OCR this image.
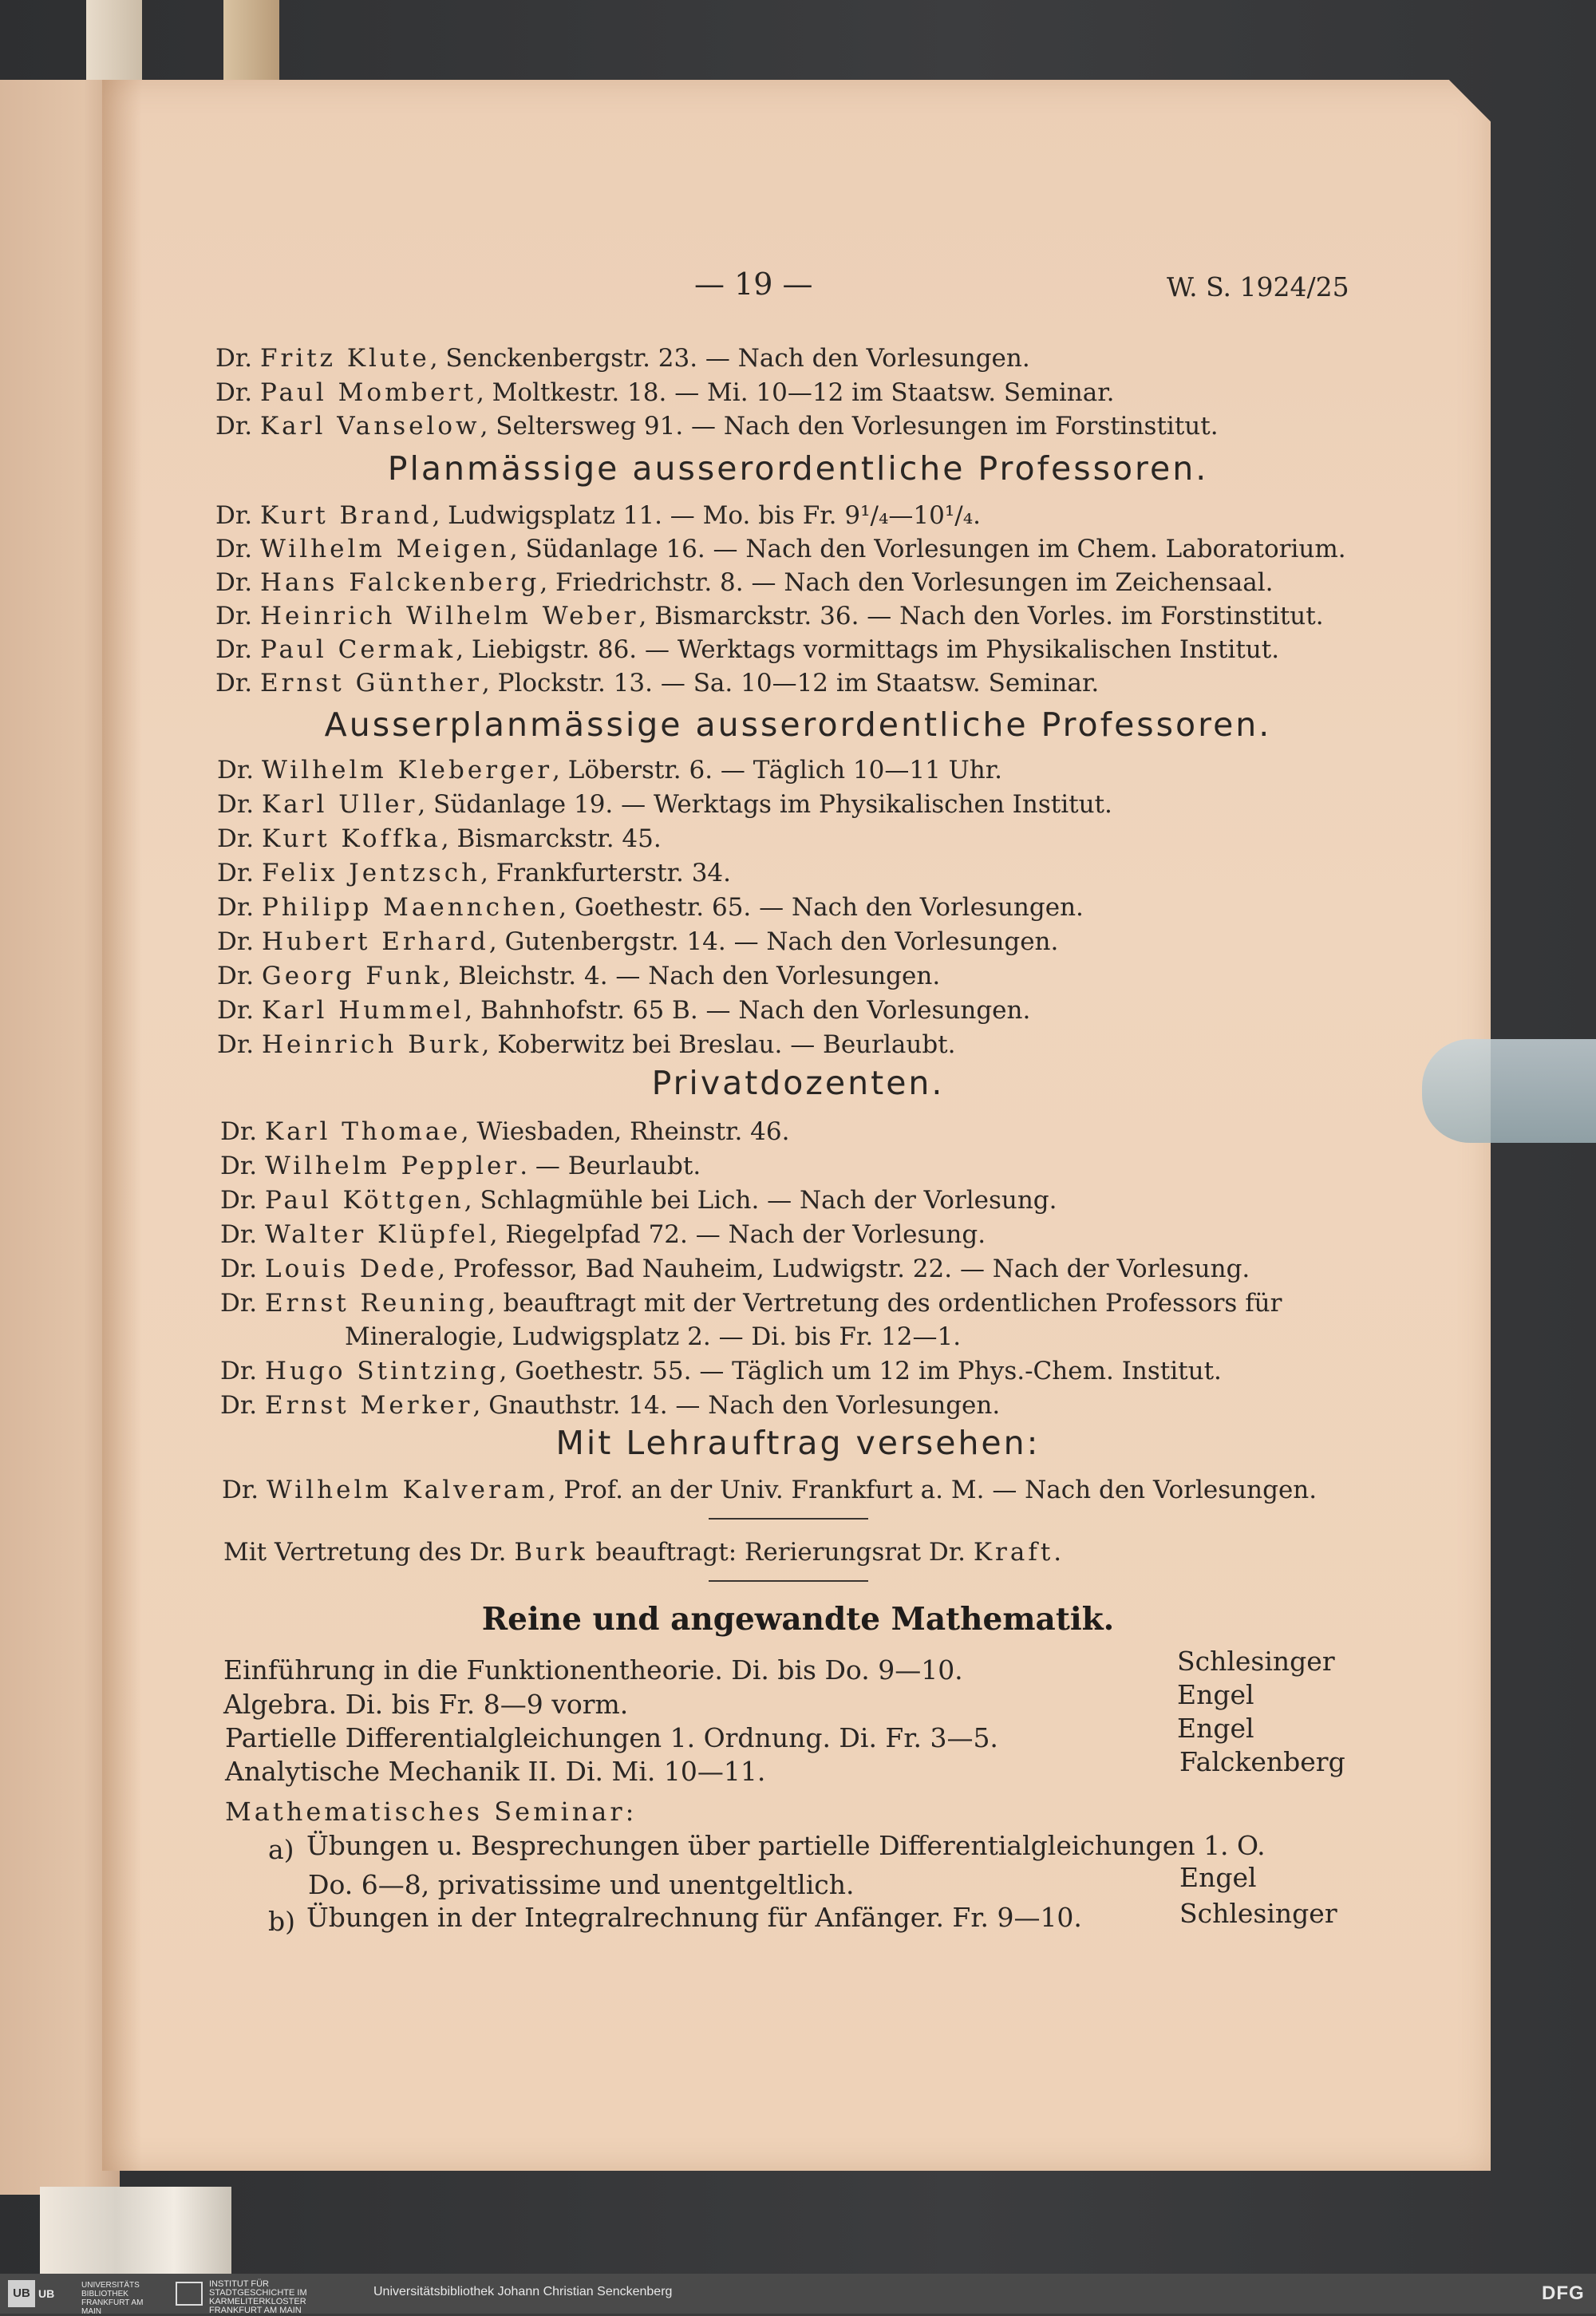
— 19 —	W. S. 1924/25
Dr. Fritz Klute, Senckenbergstr. 23. — Nach den Vorlesungen.
Dr. Paul Mombert, Moltkestr. 18. — Mi. 10—12 im Staatsw. Seminar.
Dr. Karl Vanselow, Seltersweg 91. — Nach den Vorlesungen im Forstinstitut.
Planmässige ausserordentliche Professoren.
Dr. Kurt Brand, Ludwigsplatz 11. — Mo. bis Fr. 9¹/₄—10¹/₄.
Dr. Wilhelm Meigen, Südanlage 16. — Nach den Vorlesungen im Chem. Laboratorium.
Dr. Hans Falckenberg, Friedrichstr. 8. — Nach den Vorlesungen im Zeichensaal.
Dr. Heinrich Wilhelm Weber, Bismarckstr. 36. — Nach den Vorles. im Forstinstitut.
Dr. Paul Cermak, Liebigstr. 86. — Werktags vormittags im Physikalischen Institut.
Dr. Ernst Günther, Plockstr. 13. — Sa. 10—12 im Staatsw. Seminar.
Ausserplanmässige ausserordentliche Professoren.
Dr. Wilhelm Kleberger, Löberstr. 6. — Täglich 10—11 Uhr.
Dr. Karl Uller, Südanlage 19. — Werktags im Physikalischen Institut.
Dr. Kurt Koffka, Bismarckstr. 45.
Dr. Felix Jentzsch, Frankfurterstr. 34.
Dr. Philipp Maennchen, Goethestr. 65. — Nach den Vorlesungen.
Dr. Hubert Erhard, Gutenbergstr. 14. — Nach den Vorlesungen.
Dr. Georg Funk, Bleichstr. 4. — Nach den Vorlesungen.
Dr. Karl Hummel, Bahnhofstr. 65 B. — Nach den Vorlesungen.
Dr. Heinrich Burk, Koberwitz bei Breslau. — Beurlaubt.
Privatdozenten.
Dr. Karl Thomae, Wiesbaden, Rheinstr. 46.
Dr. Wilhelm Peppler. — Beurlaubt.
Dr. Paul Köttgen, Schlagmühle bei Lich. — Nach der Vorlesung.
Dr. Walter Klüpfel, Riegelpfad 72. — Nach der Vorlesung.
Dr. Louis Dede, Professor, Bad Nauheim, Ludwigstr. 22. — Nach der Vorlesung.
Dr. Ernst Reuning, beauftragt mit der Vertretung des ordentlichen Professors für
Mineralogie, Ludwigsplatz 2. — Di. bis Fr. 12—1.
Dr. Hugo Stintzing, Goethestr. 55. — Täglich um 12 im Phys.-Chem. Institut.
Dr. Ernst Merker, Gnauthstr. 14. — Nach den Vorlesungen.
Mit Lehrauftrag versehen:
Dr. Wilhelm Kalveram, Prof. an der Univ. Frankfurt a. M. — Nach den Vorlesungen.
Mit Vertretung des Dr. Burk beauftragt: Rerierungsrat Dr. Kraft.
Reine und angewandte Mathematik.
Einführung in die Funktionentheorie. Di. bis Do. 9—10.	Schlesinger
Algebra. Di. bis Fr. 8—9 vorm.	Engel
Partielle Differentialgleichungen 1. Ordnung. Di. Fr. 3—5.	Engel
Analytische Mechanik II. Di. Mi. 10—11.	Falckenberg
Mathematisches Seminar:
a) Übungen u. Besprechungen über partielle Differentialgleichungen 1. O.
Do. 6—8, privatissime und unentgeltlich.	Engel
b) Übungen in der Integralrechnung für Anfänger. Fr. 9—10.	Schlesinger
UB UB
UNIVERSITÄTS BIBLIOTHEK FRANKFURT AM MAIN
INSTITUT FÜR STADTGESCHICHTE IM KARMELITERKLOSTER FRANKFURT AM MAIN
Universitätsbibliothek Johann Christian Senckenberg	DFG
